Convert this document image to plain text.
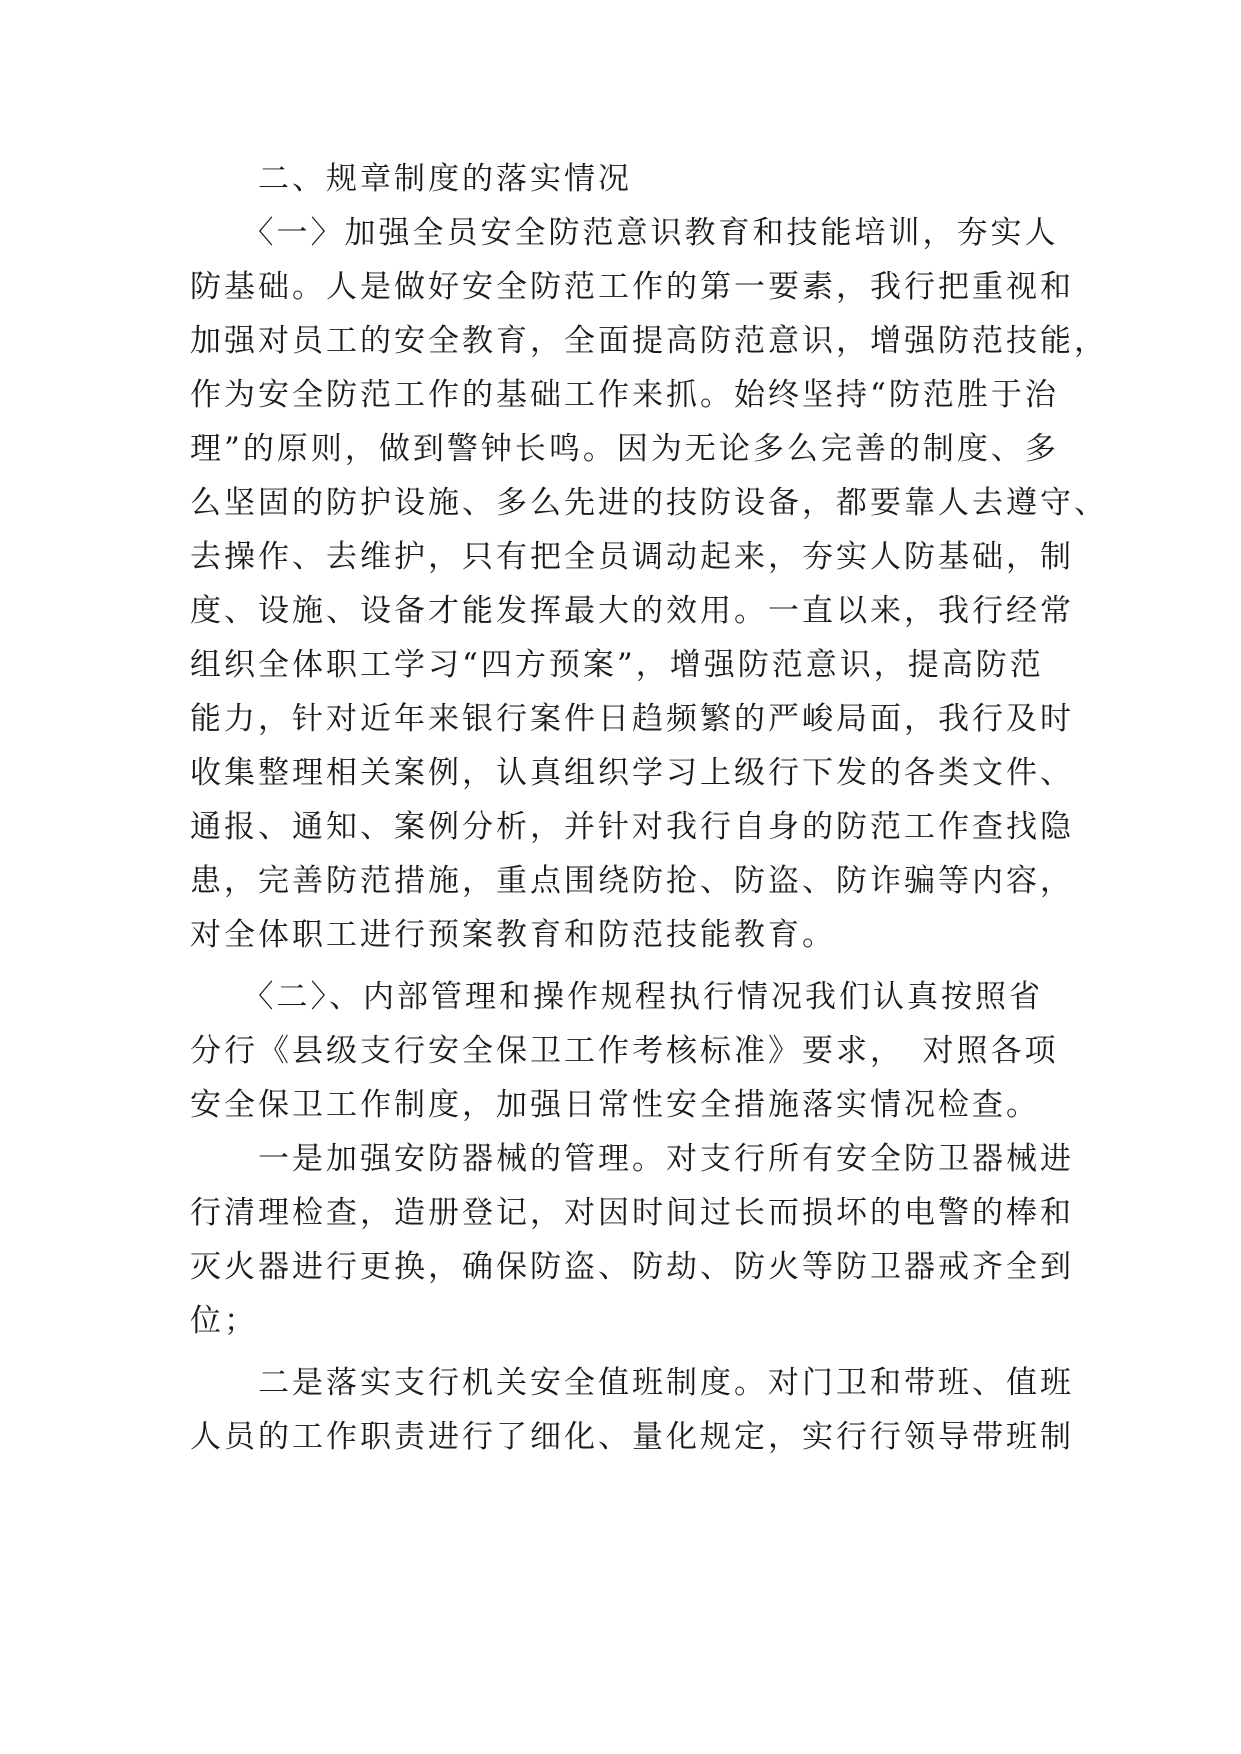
　　二、规章制度的落实情况
　　〈一〉加强全员安全防范意识教育和技能培训，夯实人
防基础。人是做好安全防范工作的第一要素，我行把重视和
加强对员工的安全教育，全面提高防范意识，增强防范技能，
作为安全防范工作的基础工作来抓。始终坚持“防范胜于治
理”的原则，做到警钟长鸣。因为无论多么完善的制度、多
么坚固的防护设施、多么先进的技防设备，都要靠人去遵守、
去操作、去维护，只有把全员调动起来，夯实人防基础，制
度、设施、设备才能发挥最大的效用。一直以来，我行经常
组织全体职工学习“四方预案”，增强防范意识，提高防范
能力，针对近年来银行案件日趋频繁的严峻局面，我行及时
收集整理相关案例，认真组织学习上级行下发的各类文件、
通报、通知、案例分析，并针对我行自身的防范工作查找隐
患，完善防范措施，重点围绕防抢、防盗、防诈骗等内容，
对全体职工进行预案教育和防范技能教育。
　　〈二〉、内部管理和操作规程执行情况我们认真按照省
分行《县级支行安全保卫工作考核标准》要求，　对照各项
安全保卫工作制度，加强日常性安全措施落实情况检查。
　　一是加强安防器械的管理。对支行所有安全防卫器械进
行清理检查，造册登记，对因时间过长而损坏的电警的棒和
灭火器进行更换，确保防盗、防劫、防火等防卫器戒齐全到
位；
　　二是落实支行机关安全值班制度。对门卫和带班、值班
人员的工作职责进行了细化、量化规定，实行行领导带班制
